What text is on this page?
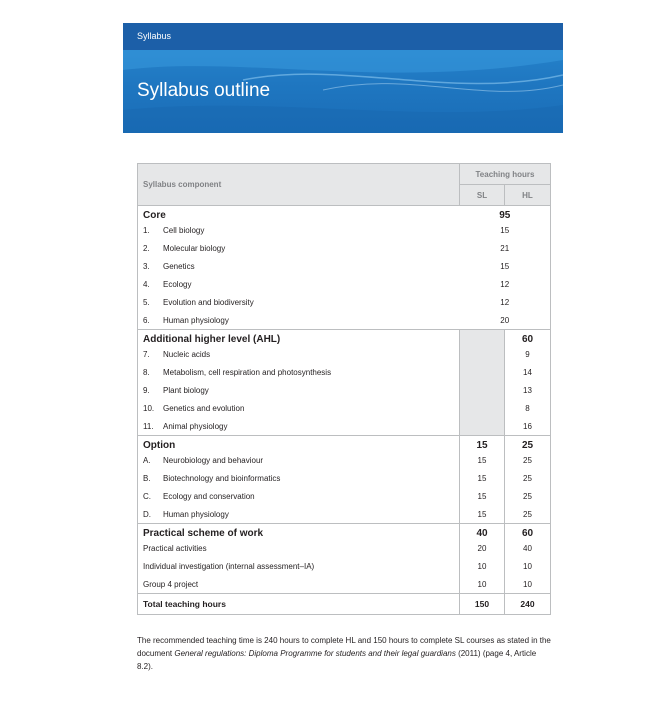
Syllabus
Syllabus outline
Syllabus component	Teaching hours	
	SL	HL
Core	95	
1. Cell biology	15	
2. Molecular biology	21	
3. Genetics	15	
4. Ecology	12	
5. Evolution and biodiversity	12	
6. Human physiology	20	
Additional higher level (AHL)		60
7. Nucleic acids		9
8. Metabolism, cell respiration and photosynthesis		14
9. Plant biology		13
10. Genetics and evolution		8
11. Animal physiology		16
Option	15	25
A. Neurobiology and behaviour	15	25
B. Biotechnology and bioinformatics	15	25
C. Ecology and conservation	15	25
D. Human physiology	15	25
Practical scheme of work	40	60
Practical activities	20	40
Individual investigation (internal assessment–IA)	10	10
Group 4 project	10	10
Total teaching hours	150	240
The recommended teaching time is 240 hours to complete HL and 150 hours to complete SL courses as stated in the document General regulations: Diploma Programme for students and their legal guardians (2011) (page 4, Article 8.2).
